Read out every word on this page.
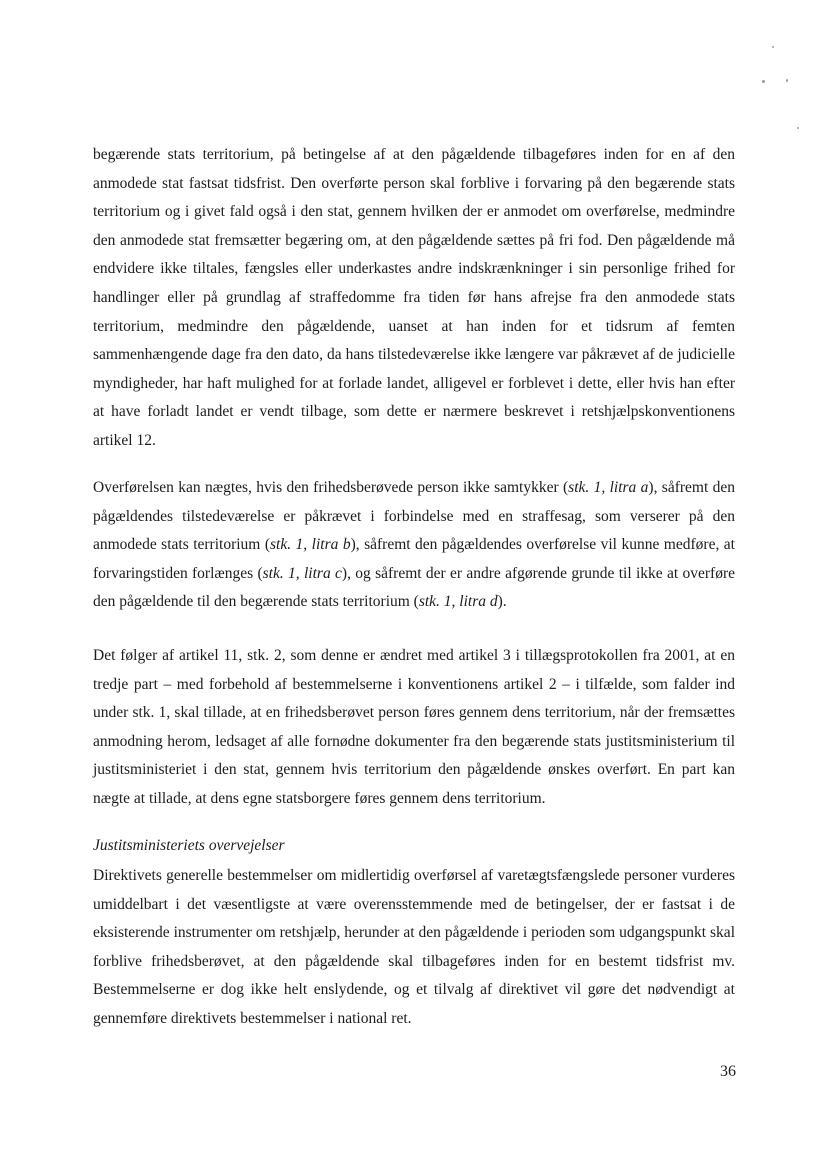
begærende stats territorium, på betingelse af at den pågældende tilbageføres inden for en af den anmodede stat fastsat tidsfrist. Den overførte person skal forblive i forvaring på den begærende stats territorium og i givet fald også i den stat, gennem hvilken der er anmodet om overførelse, medmindre den anmodede stat fremsætter begæring om, at den pågældende sættes på fri fod. Den pågældende må endvidere ikke tiltales, fængsles eller underkastes andre indskrænkninger i sin personlige frihed for handlinger eller på grundlag af straffedomme fra tiden før hans afrejse fra den anmodede stats territorium, medmindre den pågældende, uanset at han inden for et tidsrum af femten sammenhængende dage fra den dato, da hans tilstedeværelse ikke længere var påkrævet af de judicielle myndigheder, har haft mulighed for at forlade landet, alligevel er forblevet i dette, eller hvis han efter at have forladt landet er vendt tilbage, som dette er nærmere beskrevet i retshjælpskonventionens artikel 12.

Overførelsen kan nægtes, hvis den frihedsberøvede person ikke samtykker (stk. 1, litra a), såfremt den pågældendes tilstedeværelse er påkrævet i forbindelse med en straffesag, som verserer på den anmodede stats territorium (stk. 1, litra b), såfremt den pågældendes overførelse vil kunne medføre, at forvaringstiden forlænges (stk. 1, litra c), og såfremt der er andre afgørende grunde til ikke at overføre den pågældende til den begærende stats territorium (stk. 1, litra d).

Det følger af artikel 11, stk. 2, som denne er ændret med artikel 3 i tillægsprotokollen fra 2001, at en tredje part – med forbehold af bestemmelserne i konventionens artikel 2 – i tilfælde, som falder ind under stk. 1, skal tillade, at en frihedsberøvet person føres gennem dens territorium, når der fremsættes anmodning herom, ledsaget af alle fornødne dokumenter fra den begærende stats justitsministerium til justitsministeriet i den stat, gennem hvis territorium den pågældende ønskes overført. En part kan nægte at tillade, at dens egne statsborgere føres gennem dens territorium.

Justitsministeriets overvejelser

Direktivets generelle bestemmelser om midlertidig overførsel af varetægtsfængslede personer vurderes umiddelbart i det væsentligste at være overensstemmende med de betingelser, der er fastsat i de eksisterende instrumenter om retshjælp, herunder at den pågældende i perioden som udgangspunkt skal forblive frihedsberøvet, at den pågældende skal tilbageføres inden for en bestemt tidsfrist mv. Bestemmelserne er dog ikke helt enslydende, og et tilvalg af direktivet vil gøre det nødvendigt at gennemføre direktivets bestemmelser i national ret.

36
